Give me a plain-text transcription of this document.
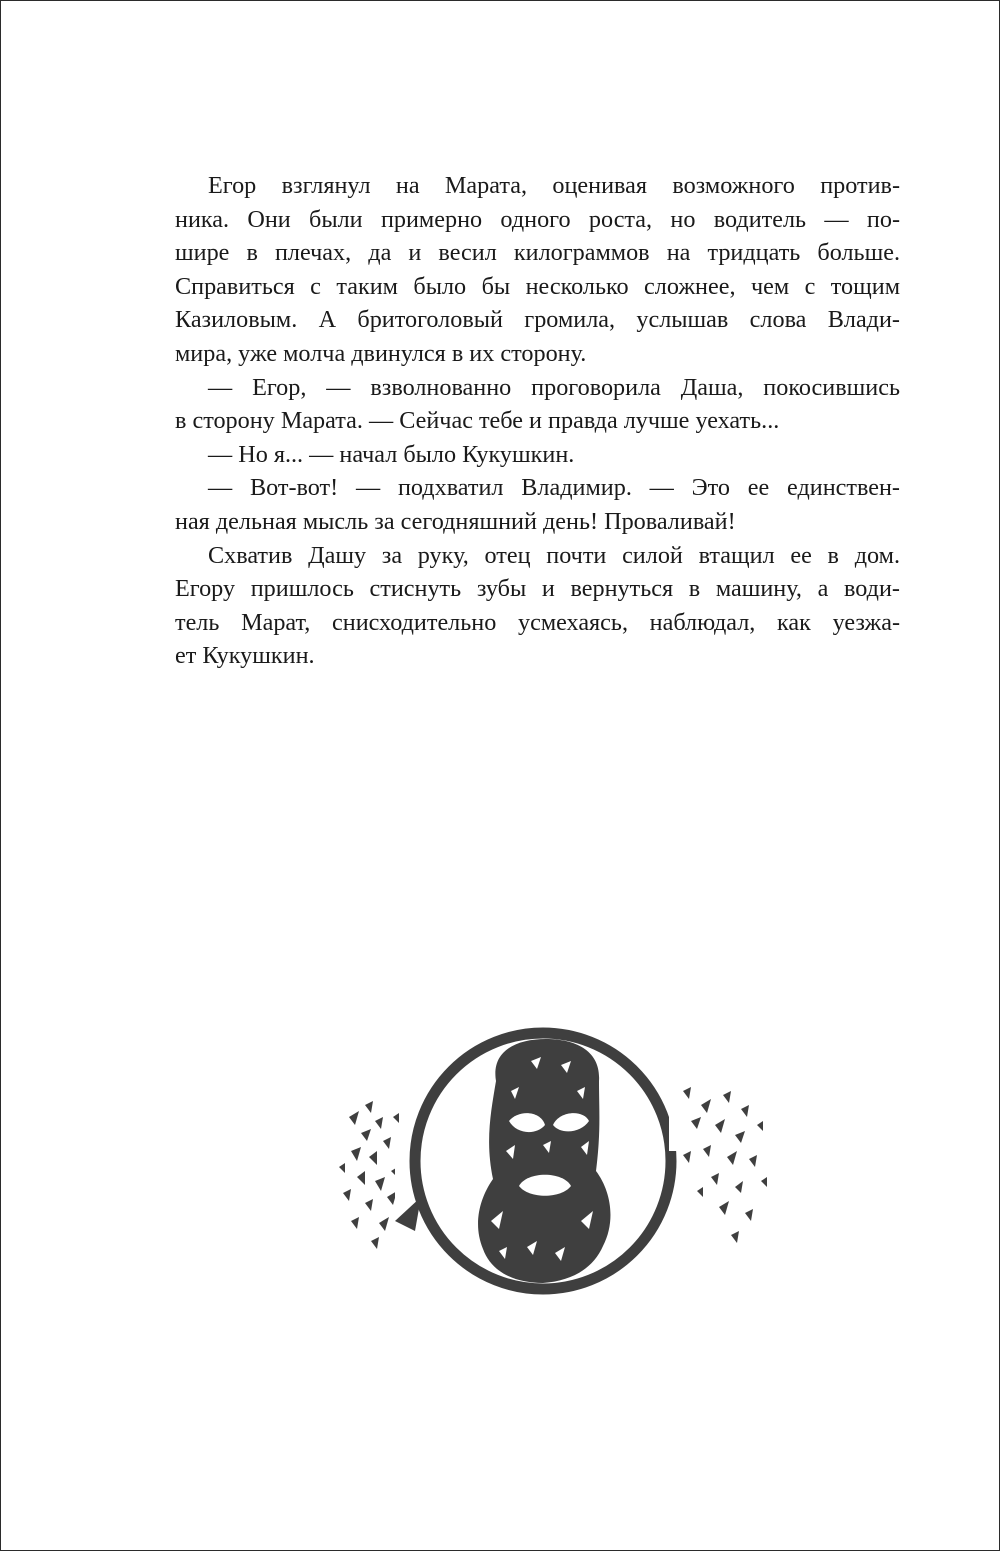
Егор взглянул на Марата, оценивая возможного против-
ника. Они были примерно одного роста, но водитель — по-
шире в плечах, да и весил килограммов на тридцать больше.
Справиться с таким было бы несколько сложнее, чем с тощим
Казиловым. А бритоголовый громила, услышав слова Влади-
мира, уже молча двинулся в их сторону.
— Егор, — взволнованно проговорила Даша, покосившись
в сторону Марата. — Сейчас тебе и правда лучше уехать...
— Но я... — начал было Кукушкин.
— Вот-вот! — подхватил Владимир. — Это ее единствен-
ная дельная мысль за сегодняшний день! Проваливай!
Схватив Дашу за руку, отец почти силой втащил ее в дом.
Егору пришлось стиснуть зубы и вернуться в машину, а води-
тель Марат, снисходительно усмехаясь, наблюдал, как уезжа-
ет Кукушкин.
